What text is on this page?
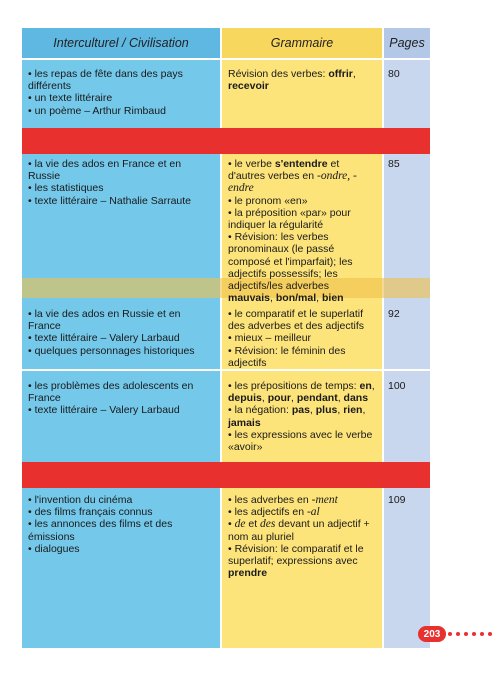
Interculturel / Civilisation	Grammaire	Pages
• les repas de fête dans des pays différents
• un texte littéraire
• un poème – Arthur Rimbaud
Révision des verbes: offrir, recevoir
80
• la vie des ados en France et en Russie
• les statistiques
• texte littéraire – Nathalie Sarraute
• le verbe s'entendre et d'autres verbes en -ondre, -endre
• le pronom «en»
• la préposition «par» pour indiquer la régularité
• Révision: les verbes pronominaux (le passé composé et l'imparfait); les adjectifs possessifs; les adjectifs/les adverbes mauvais, bon/mal, bien
85
• la vie des ados en Russie et en France
• texte littéraire – Valery Larbaud
• quelques personnages historiques
• le comparatif et le superlatif des adverbes et des adjectifs
• mieux – meilleur
• Révision: le féminin des adjectifs
92
• les problèmes des adolescents en France
• texte littéraire – Valery Larbaud
• les prépositions de temps: en, depuis, pour, pendant, dans
• la négation: pas, plus, rien, jamais
• les expressions avec le verbe «avoir»
100
• l'invention du cinéma
• des films français connus
• les annonces des films et des émissions
• dialogues
• les adverbes en -ment
• les adjectifs en -al
• de et des devant un adjectif + nom au pluriel
• Révision: le comparatif et le superlatif; expressions avec prendre
109
203
